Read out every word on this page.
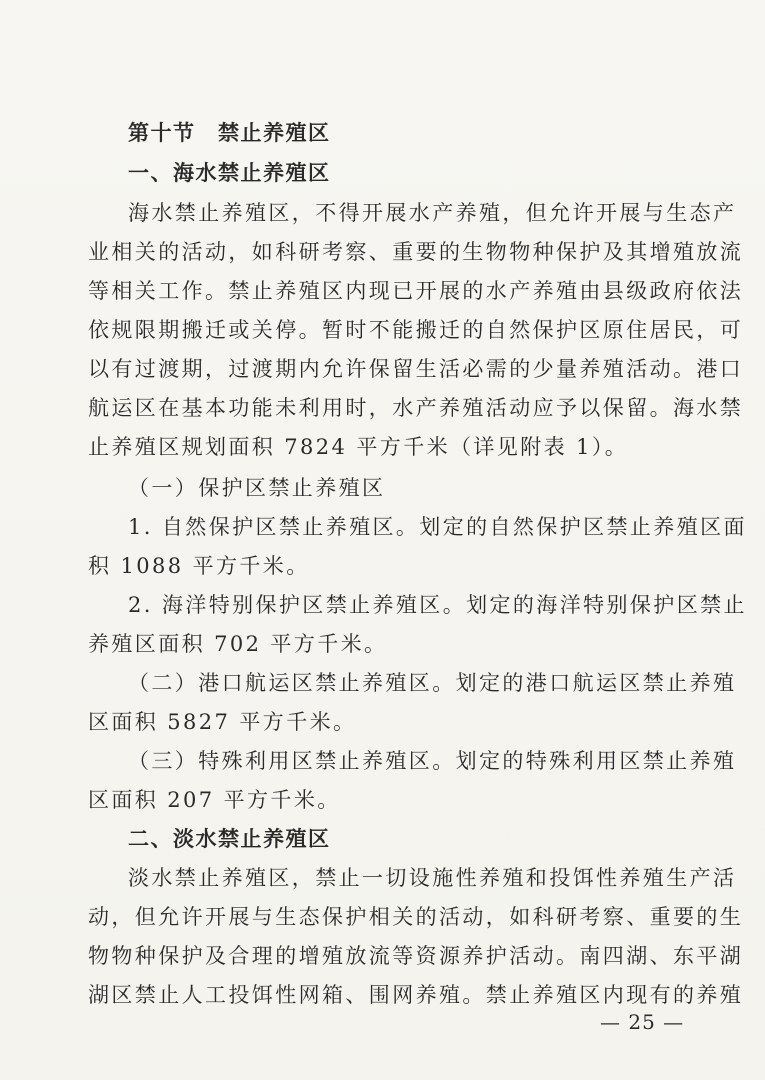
第十节　禁止养殖区
一、海水禁止养殖区
海水禁止养殖区，不得开展水产养殖，但允许开展与生态产
业相关的活动，如科研考察、重要的生物物种保护及其增殖放流
等相关工作。禁止养殖区内现已开展的水产养殖由县级政府依法
依规限期搬迁或关停。暂时不能搬迁的自然保护区原住居民，可
以有过渡期，过渡期内允许保留生活必需的少量养殖活动。港口
航运区在基本功能未利用时，水产养殖活动应予以保留。海水禁
止养殖区规划面积 7824 平方千米（详见附表 1）。
（一）保护区禁止养殖区
1. 自然保护区禁止养殖区。划定的自然保护区禁止养殖区面
积 1088 平方千米。
2. 海洋特别保护区禁止养殖区。划定的海洋特别保护区禁止
养殖区面积 702 平方千米。
（二）港口航运区禁止养殖区。划定的港口航运区禁止养殖
区面积 5827 平方千米。
（三）特殊利用区禁止养殖区。划定的特殊利用区禁止养殖
区面积 207 平方千米。
二、淡水禁止养殖区
淡水禁止养殖区，禁止一切设施性养殖和投饵性养殖生产活
动，但允许开展与生态保护相关的活动，如科研考察、重要的生
物物种保护及合理的增殖放流等资源养护活动。南四湖、东平湖
湖区禁止人工投饵性网箱、围网养殖。禁止养殖区内现有的养殖
— 25 —
